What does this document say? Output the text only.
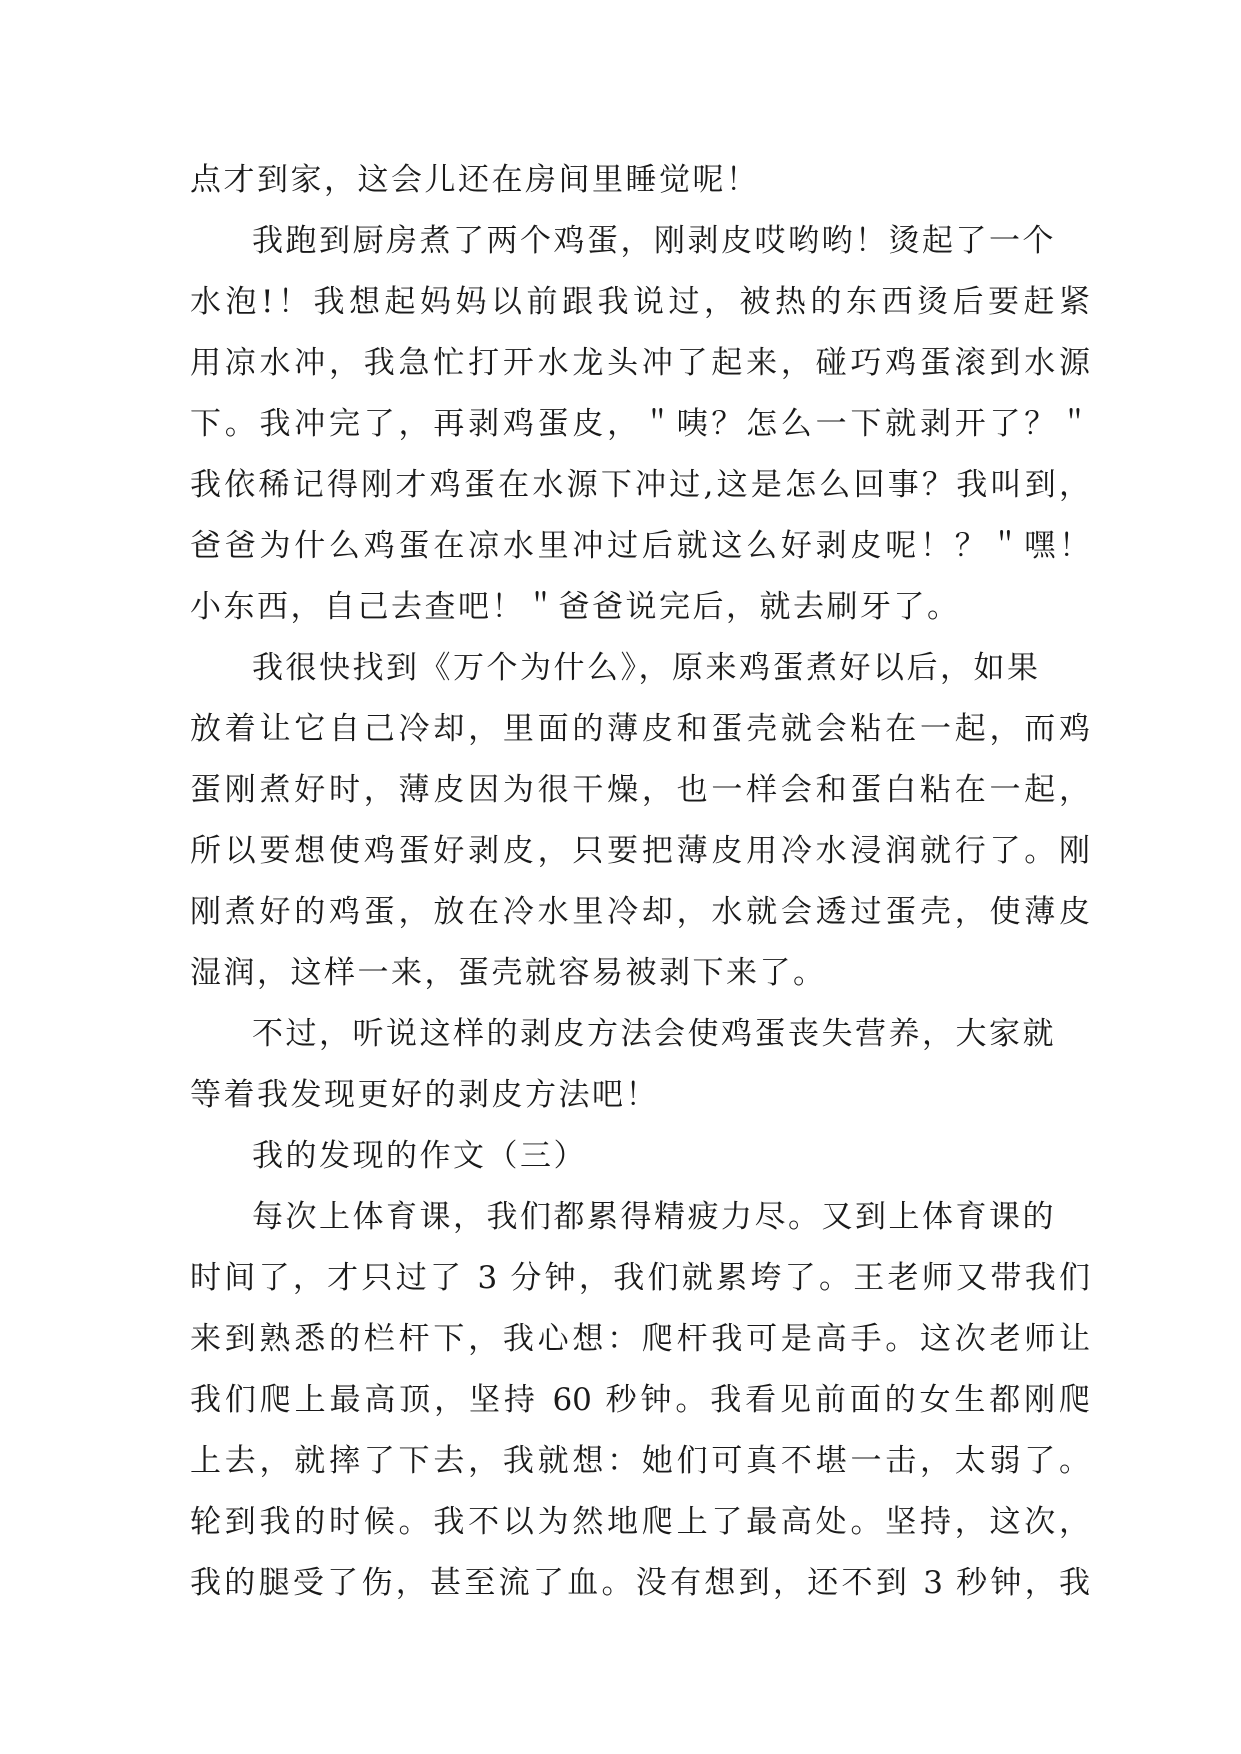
点才到家，这会儿还在房间里睡觉呢！
我跑到厨房煮了两个鸡蛋，刚剥皮哎哟哟！烫起了一个
水泡!！我想起妈妈以前跟我说过，被热的东西烫后要赶紧
用凉水冲，我急忙打开水龙头冲了起来，碰巧鸡蛋滚到水源
下。我冲完了，再剥鸡蛋皮，＂咦？怎么一下就剥开了？＂
我依稀记得刚才鸡蛋在水源下冲过,这是怎么回事？我叫到，
爸爸为什么鸡蛋在凉水里冲过后就这么好剥皮呢！？＂嘿！
小东西，自己去查吧！＂爸爸说完后，就去刷牙了。
我很快找到《万个为什么》，原来鸡蛋煮好以后，如果
放着让它自己冷却，里面的薄皮和蛋壳就会粘在一起，而鸡
蛋刚煮好时，薄皮因为很干燥，也一样会和蛋白粘在一起，
所以要想使鸡蛋好剥皮，只要把薄皮用冷水浸润就行了。刚
刚煮好的鸡蛋，放在冷水里冷却，水就会透过蛋壳，使薄皮
湿润，这样一来，蛋壳就容易被剥下来了。
不过，听说这样的剥皮方法会使鸡蛋丧失营养，大家就
等着我发现更好的剥皮方法吧！
我的发现的作文（三）
每次上体育课，我们都累得精疲力尽。又到上体育课的
时间了，才只过了 3 分钟，我们就累垮了。王老师又带我们
来到熟悉的栏杆下，我心想：爬杆我可是高手。这次老师让
我们爬上最高顶，坚持 60 秒钟。我看见前面的女生都刚爬
上去，就摔了下去，我就想：她们可真不堪一击，太弱了。
轮到我的时候。我不以为然地爬上了最高处。坚持，这次，
我的腿受了伤，甚至流了血。没有想到，还不到 3 秒钟，我
